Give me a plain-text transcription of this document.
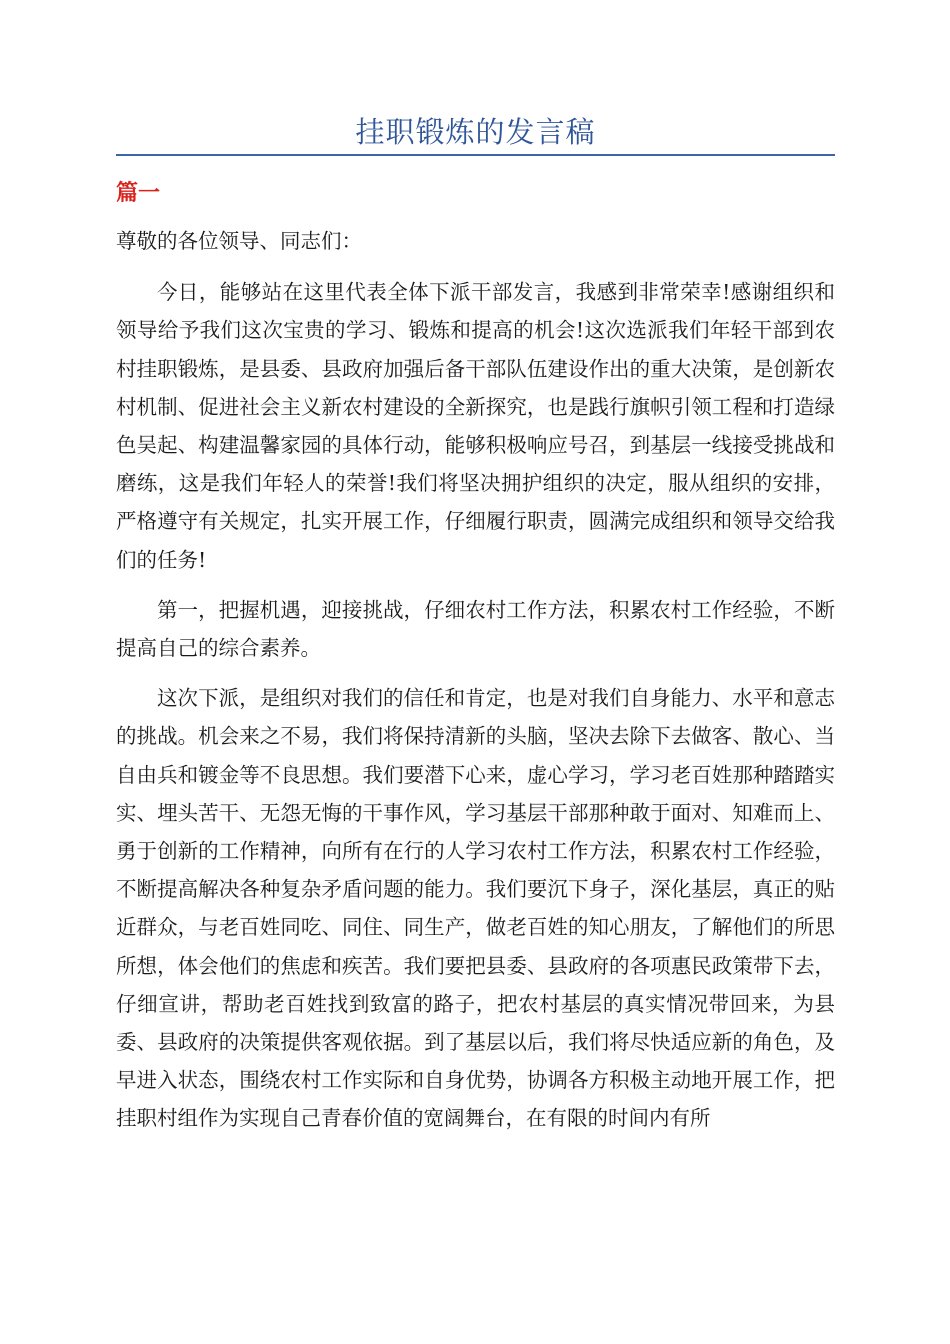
挂职锻炼的发言稿
篇一

尊敬的各位领导、同志们：

今日，能够站在这里代表全体下派干部发言，我感到非常荣幸!感谢组织和领导给予我们这次宝贵的学习、锻炼和提高的机会!这次选派我们年轻干部到农村挂职锻炼，是县委、县政府加强后备干部队伍建设作出的重大决策，是创新农村机制、促进社会主义新农村建设的全新探究，也是践行旗帜引领工程和打造绿色吴起、构建温馨家园的具体行动，能够积极响应号召，到基层一线接受挑战和磨练，这是我们年轻人的荣誉!我们将坚决拥护组织的决定，服从组织的安排，严格遵守有关规定，扎实开展工作，仔细履行职责，圆满完成组织和领导交给我们的任务!

第一，把握机遇，迎接挑战，仔细农村工作方法，积累农村工作经验，不断提高自己的综合素养。

这次下派，是组织对我们的信任和肯定，也是对我们自身能力、水平和意志的挑战。机会来之不易，我们将保持清新的头脑，坚决去除下去做客、散心、当自由兵和镀金等不良思想。我们要潜下心来，虚心学习，学习老百姓那种踏踏实实、埋头苦干、无怨无悔的干事作风，学习基层干部那种敢于面对、知难而上、勇于创新的工作精神，向所有在行的人学习农村工作方法，积累农村工作经验，不断提高解决各种复杂矛盾问题的能力。我们要沉下身子，深化基层，真正的贴近群众，与老百姓同吃、同住、同生产，做老百姓的知心朋友，了解他们的所思所想，体会他们的焦虑和疾苦。我们要把县委、县政府的各项惠民政策带下去，仔细宣讲，帮助老百姓找到致富的路子，把农村基层的真实情况带回来，为县委、县政府的决策提供客观依据。到了基层以后，我们将尽快适应新的角色，及早进入状态，围绕农村工作实际和自身优势，协调各方积极主动地开展工作，把挂职村组作为实现自己青春价值的宽阔舞台，在有限的时间内有所
